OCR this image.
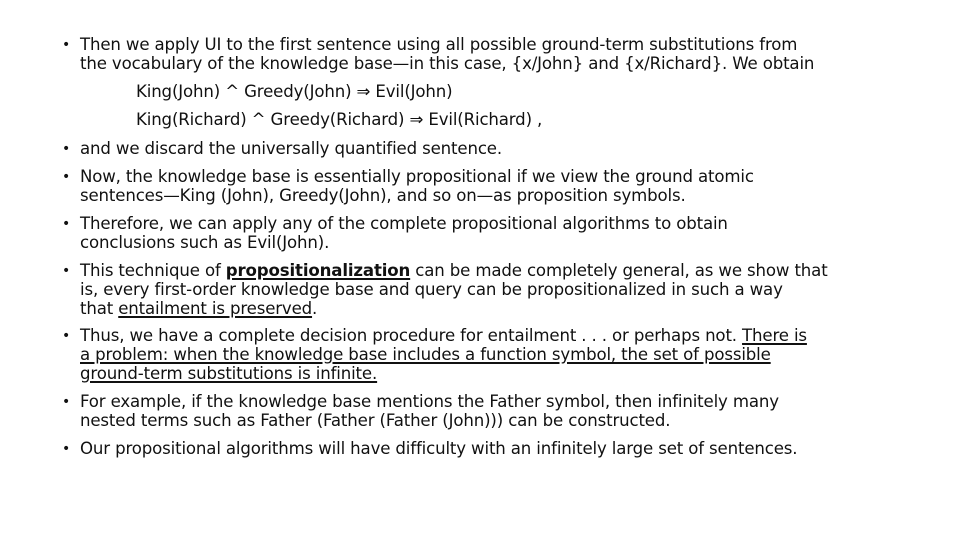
• Then we apply UI to the first sentence using all possible ground-term substitutions from
the vocabulary of the knowledge base—in this case, {x/John} and {x/Richard}. We obtain
King(John) ^ Greedy(John) ⇒ Evil(John)
King(Richard) ^ Greedy(Richard) ⇒ Evil(Richard) ,
• and we discard the universally quantified sentence.
• Now, the knowledge base is essentially propositional if we view the ground atomic
sentences—King (John), Greedy(John), and so on—as proposition symbols.
• Therefore, we can apply any of the complete propositional algorithms to obtain
conclusions such as Evil(John).
• This technique of propositionalization can be made completely general, as we show that
is, every first-order knowledge base and query can be propositionalized in such a way
that entailment is preserved.
• Thus, we have a complete decision procedure for entailment . . . or perhaps not. There is
a problem: when the knowledge base includes a function symbol, the set of possible
ground-term substitutions is infinite.
• For example, if the knowledge base mentions the Father symbol, then infinitely many
nested terms such as Father (Father (Father (John))) can be constructed.
• Our propositional algorithms will have difficulty with an infinitely large set of sentences.
